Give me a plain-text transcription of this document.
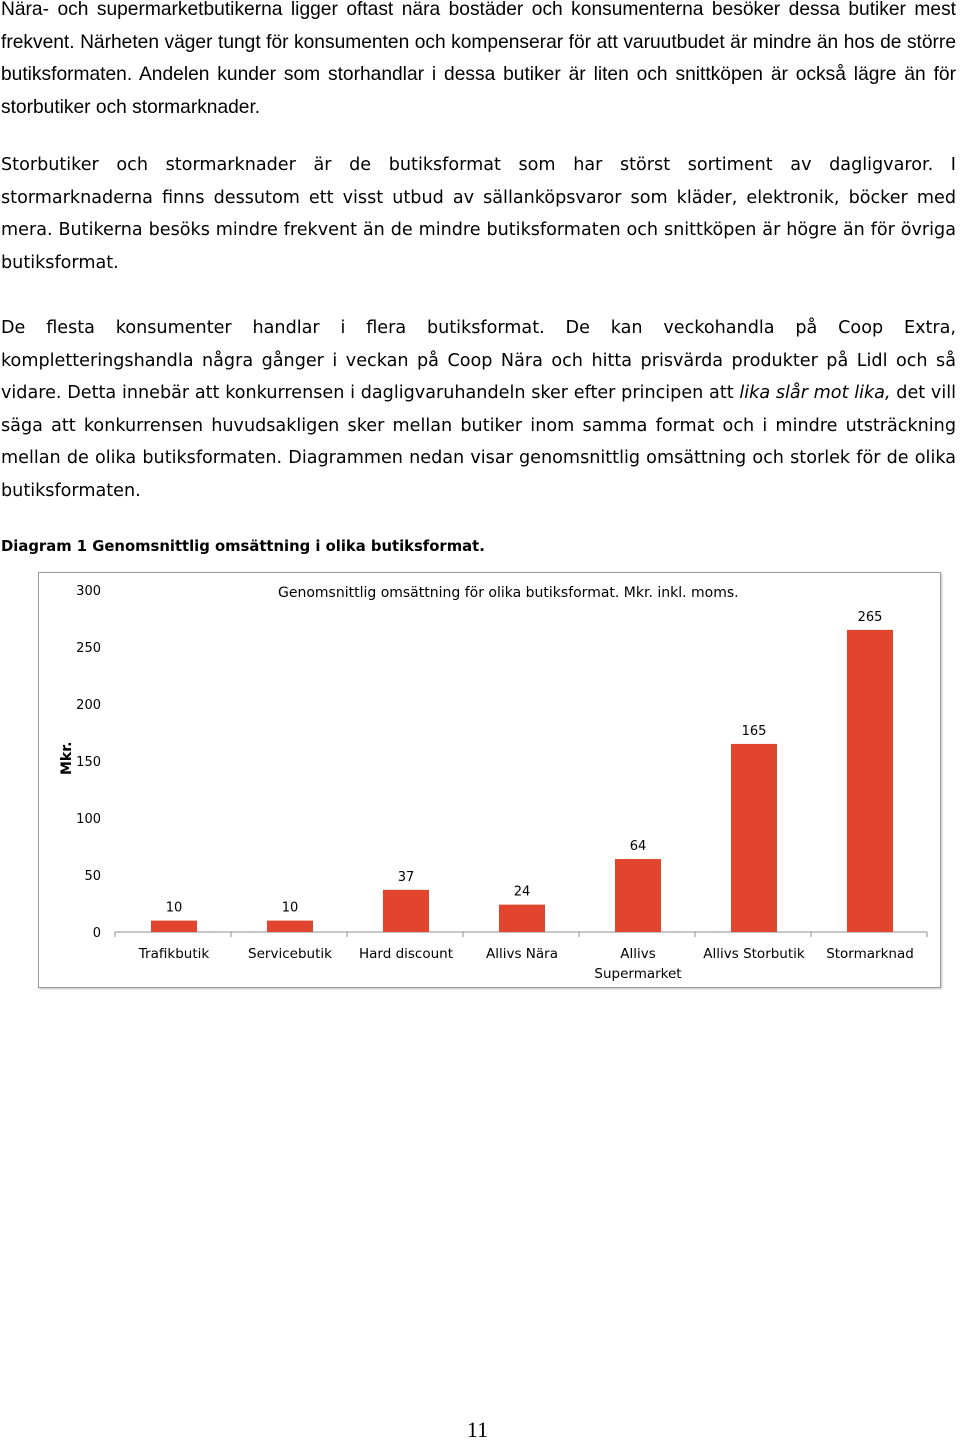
Nära- och supermarketbutikerna ligger oftast nära bostäder och konsumenterna besöker dessa butiker mest frekvent. Närheten väger tungt för konsumenten och kompenserar för att varuutbudet är mindre än hos de större butiksformaten. Andelen kunder som storhandlar i dessa butiker är liten och snittköpen är också lägre än för storbutiker och stormarknader.

Storbutiker och stormarknader är de butiksformat som har störst sortiment av dagligvaror. I stormarknaderna finns dessutom ett visst utbud av sällanköpsvaror som kläder, elektronik, böcker med mera. Butikerna besöks mindre frekvent än de mindre butiksformaten och snittköpen är högre än för övriga butiksformat.

De flesta konsumenter handlar i flera butiksformat. De kan veckohandla på Coop Extra, kompletteringshandla några gånger i veckan på Coop Nära och hitta prisvärda produkter på Lidl och så vidare. Detta innebär att konkurrensen i dagligvaruhandeln sker efter principen att lika slår mot lika, det vill säga att konkurrensen huvudsakligen sker mellan butiker inom samma format och i mindre utsträckning mellan de olika butiksformaten. Diagrammen nedan visar genomsnittlig omsättning och storlek för de olika butiksformaten.

Diagram 1 Genomsnittlig omsättning i olika butiksformat.

Genomsnittlig omsättning för olika butiksformat. Mkr. inkl. moms.
Mkr.
0
50
100
150
200
250
300
10
Trafikbutik
10
Servicebutik
37
Hard discount
24
Allivs Nära
64
Allivs
Supermarket
165
Allivs Storbutik
265
Stormarknad

11
